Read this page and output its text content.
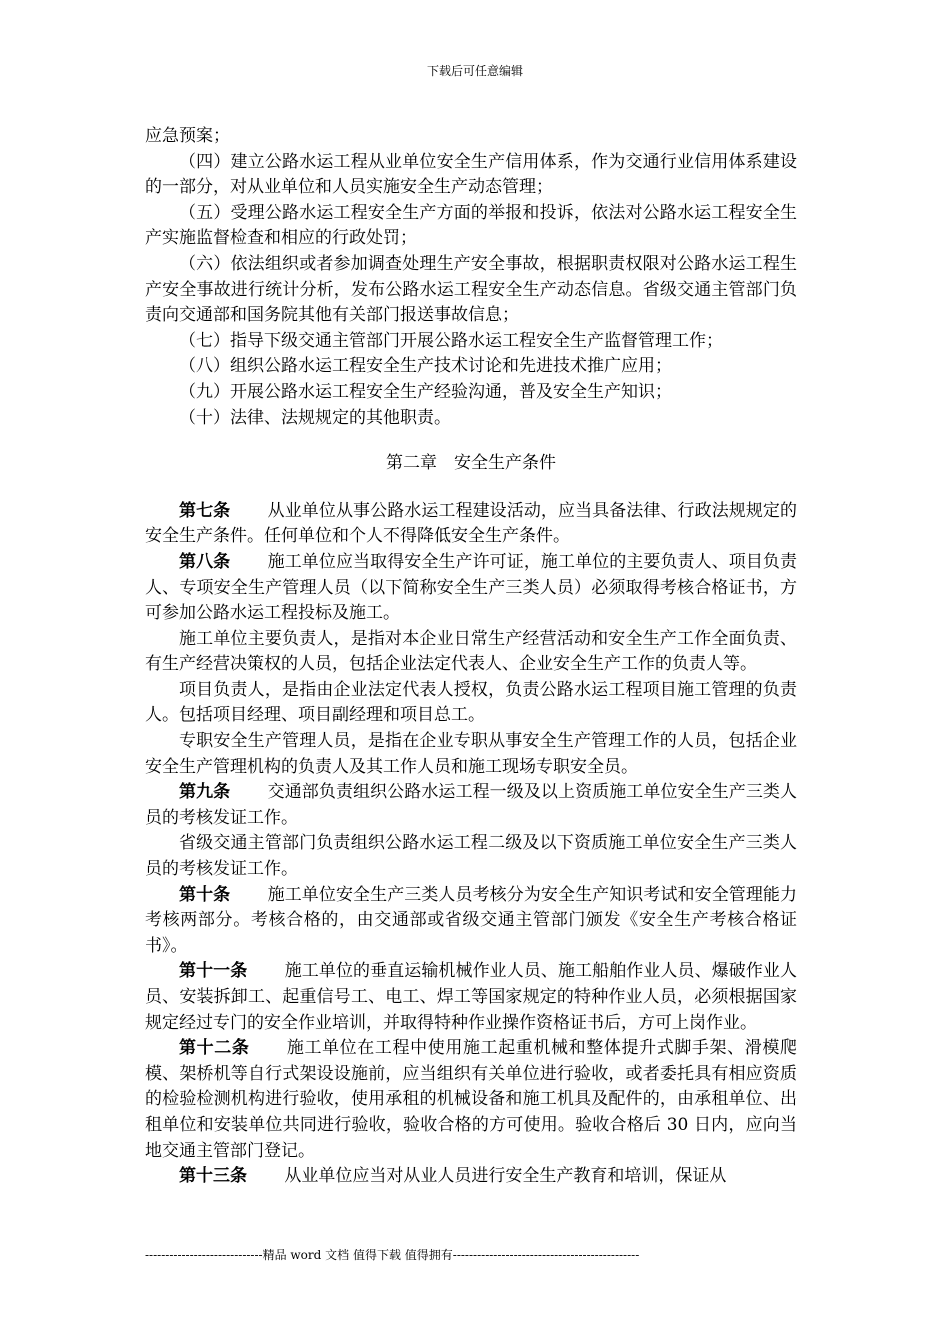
下载后可任意编辑

应急预案；

（四）建立公路水运工程从业单位安全生产信用体系，作为交通行业信用体系建设的一部分，对从业单位和人员实施安全生产动态管理；

（五）受理公路水运工程安全生产方面的举报和投诉，依法对公路水运工程安全生产实施监督检查和相应的行政处罚；

（六）依法组织或者参加调查处理生产安全事故，根据职责权限对公路水运工程生产安全事故进行统计分析，发布公路水运工程安全生产动态信息。省级交通主管部门负责向交通部和国务院其他有关部门报送事故信息；

（七）指导下级交通主管部门开展公路水运工程安全生产监督管理工作；

（八）组织公路水运工程安全生产技术讨论和先进技术推广应用；

（九）开展公路水运工程安全生产经验沟通，普及安全生产知识；

（十）法律、法规规定的其他职责。

第二章　安全生产条件

第七条 从业单位从事公路水运工程建设活动，应当具备法律、行政法规规定的安全生产条件。任何单位和个人不得降低安全生产条件。

第八条 施工单位应当取得安全生产许可证，施工单位的主要负责人、项目负责人、专项安全生产管理人员（以下简称安全生产三类人员）必须取得考核合格证书，方可参加公路水运工程投标及施工。

施工单位主要负责人，是指对本企业日常生产经营活动和安全生产工作全面负责、有生产经营决策权的人员，包括企业法定代表人、企业安全生产工作的负责人等。

项目负责人，是指由企业法定代表人授权，负责公路水运工程项目施工管理的负责人。包括项目经理、项目副经理和项目总工。

专职安全生产管理人员，是指在企业专职从事安全生产管理工作的人员，包括企业安全生产管理机构的负责人及其工作人员和施工现场专职安全员。

第九条 交通部负责组织公路水运工程一级及以上资质施工单位安全生产三类人员的考核发证工作。

省级交通主管部门负责组织公路水运工程二级及以下资质施工单位安全生产三类人员的考核发证工作。

第十条 施工单位安全生产三类人员考核分为安全生产知识考试和安全管理能力考核两部分。考核合格的，由交通部或省级交通主管部门颁发《安全生产考核合格证书》。

第十一条 施工单位的垂直运输机械作业人员、施工船舶作业人员、爆破作业人员、安装拆卸工、起重信号工、电工、焊工等国家规定的特种作业人员，必须根据国家规定经过专门的安全作业培训，并取得特种作业操作资格证书后，方可上岗作业。

第十二条 施工单位在工程中使用施工起重机械和整体提升式脚手架、滑模爬模、架桥机等自行式架设设施前，应当组织有关单位进行验收，或者委托具有相应资质的检验检测机构进行验收，使用承租的机械设备和施工机具及配件的，由承租单位、出租单位和安装单位共同进行验收，验收合格的方可使用。验收合格后 30 日内，应向当地交通主管部门登记。

第十三条 从业单位应当对从业人员进行安全生产教育和培训，保证从

-----------------------------精品 word 文档 值得下载 值得拥有----------------------------------------------
